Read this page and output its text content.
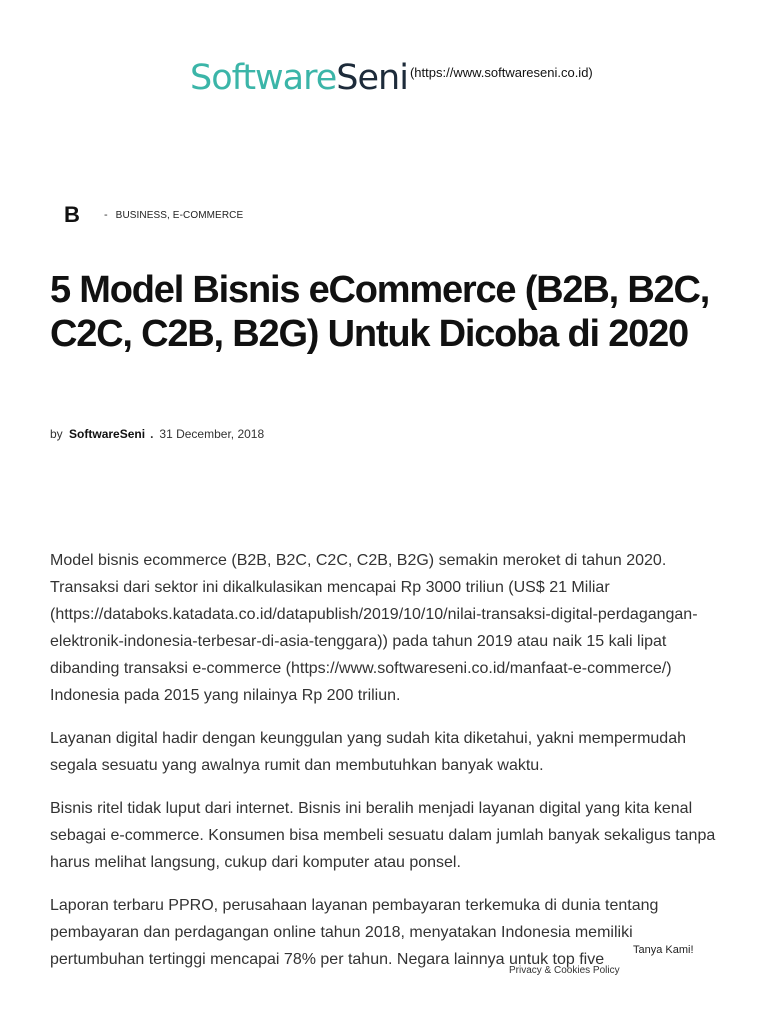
SoftwareSeni (https://www.softwareseni.co.id)
B	- BUSINESS, E-COMMERCE
5 Model Bisnis eCommerce (B2B, B2C, C2C, C2B, B2G) Untuk Dicoba di 2020
by SoftwareSeni . 31 December, 2018

Model bisnis ecommerce (B2B, B2C, C2C, C2B, B2G) semakin meroket di tahun 2020. Transaksi dari sektor ini dikalkulasikan mencapai Rp 3000 triliun (US$ 21 Miliar (https://databoks.katadata.co.id/datapublish/2019/10/10/nilai-transaksi-digital-perdagangan-elektronik-indonesia-terbesar-di-asia-tenggara)) pada tahun 2019 atau naik 15 kali lipat dibanding transaksi e-commerce (https://www.softwareseni.co.id/manfaat-e-commerce/) Indonesia pada 2015 yang nilainya Rp 200 triliun.

Layanan digital hadir dengan keunggulan yang sudah kita diketahui, yakni mempermudah segala sesuatu yang awalnya rumit dan membutuhkan banyak waktu.

Bisnis ritel tidak luput dari internet. Bisnis ini beralih menjadi layanan digital yang kita kenal sebagai e-commerce. Konsumen bisa membeli sesuatu dalam jumlah banyak sekaligus tanpa harus melihat langsung, cukup dari komputer atau ponsel.

Laporan terbaru PPRO, perusahaan layanan pembayaran terkemuka di dunia tentang pembayaran dan perdagangan online tahun 2018, menyatakan Indonesia memiliki pertumbuhan tertinggi mencapai 78% per tahun. Negara lainnya untuk top five

Tanya Kami!
Privacy & Cookies Policy
